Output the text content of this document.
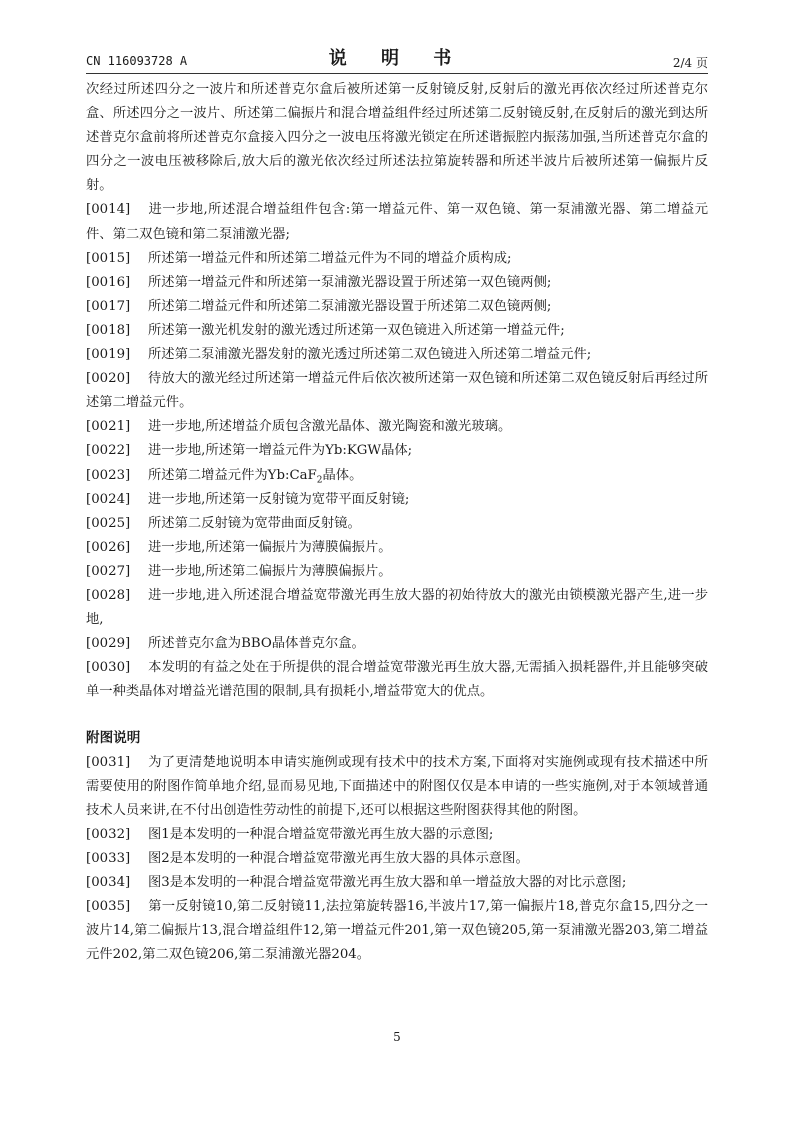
CN 116093728 A	说 明 书	2/4 页

次经过所述四分之一波片和所述普克尔盒后被所述第一反射镜反射,反射后的激光再依次经过所述普克尔盒、所述四分之一波片、所述第二偏振片和混合增益组件经过所述第二反射镜反射,在反射后的激光到达所述普克尔盒前将所述普克尔盒接入四分之一波电压将激光锁定在所述谐振腔内振荡加强,当所述普克尔盒的四分之一波电压被移除后,放大后的激光依次经过所述法拉第旋转器和所述半波片后被所述第一偏振片反射。

[0014] 进一步地,所述混合增益组件包含:第一增益元件、第一双色镜、第一泵浦激光器、第二增益元件、第二双色镜和第二泵浦激光器;

[0015] 所述第一增益元件和所述第二增益元件为不同的增益介质构成;

[0016] 所述第一增益元件和所述第一泵浦激光器设置于所述第一双色镜两侧;

[0017] 所述第二增益元件和所述第二泵浦激光器设置于所述第二双色镜两侧;

[0018] 所述第一激光机发射的激光透过所述第一双色镜进入所述第一增益元件;

[0019] 所述第二泵浦激光器发射的激光透过所述第二双色镜进入所述第二增益元件;

[0020] 待放大的激光经过所述第一增益元件后依次被所述第一双色镜和所述第二双色镜反射后再经过所述第二增益元件。

[0021] 进一步地,所述增益介质包含激光晶体、激光陶瓷和激光玻璃。

[0022] 进一步地,所述第一增益元件为Yb:KGW晶体;

[0023] 所述第二增益元件为Yb:CaF$_2$晶体。

[0024] 进一步地,所述第一反射镜为宽带平面反射镜;

[0025] 所述第二反射镜为宽带曲面反射镜。

[0026] 进一步地,所述第一偏振片为薄膜偏振片。

[0027] 进一步地,所述第二偏振片为薄膜偏振片。

[0028] 进一步地,进入所述混合增益宽带激光再生放大器的初始待放大的激光由锁模激光器产生,进一步地,

[0029] 所述普克尔盒为BBO晶体普克尔盒。

[0030] 本发明的有益之处在于所提供的混合增益宽带激光再生放大器,无需插入损耗器件,并且能够突破单一种类晶体对增益光谱范围的限制,具有损耗小,增益带宽大的优点。

附图说明

[0031] 为了更清楚地说明本申请实施例或现有技术中的技术方案,下面将对实施例或现有技术描述中所需要使用的附图作简单地介绍,显而易见地,下面描述中的附图仅仅是本申请的一些实施例,对于本领域普通技术人员来讲,在不付出创造性劳动性的前提下,还可以根据这些附图获得其他的附图。

[0032] 图1是本发明的一种混合增益宽带激光再生放大器的示意图;

[0033] 图2是本发明的一种混合增益宽带激光再生放大器的具体示意图。

[0034] 图3是本发明的一种混合增益宽带激光再生放大器和单一增益放大器的对比示意图;

[0035] 第一反射镜10,第二反射镜11,法拉第旋转器16,半波片17,第一偏振片18,普克尔盒15,四分之一波片14,第二偏振片13,混合增益组件12,第一增益元件201,第一双色镜205,第一泵浦激光器203,第二增益元件202,第二双色镜206,第二泵浦激光器204。

5
